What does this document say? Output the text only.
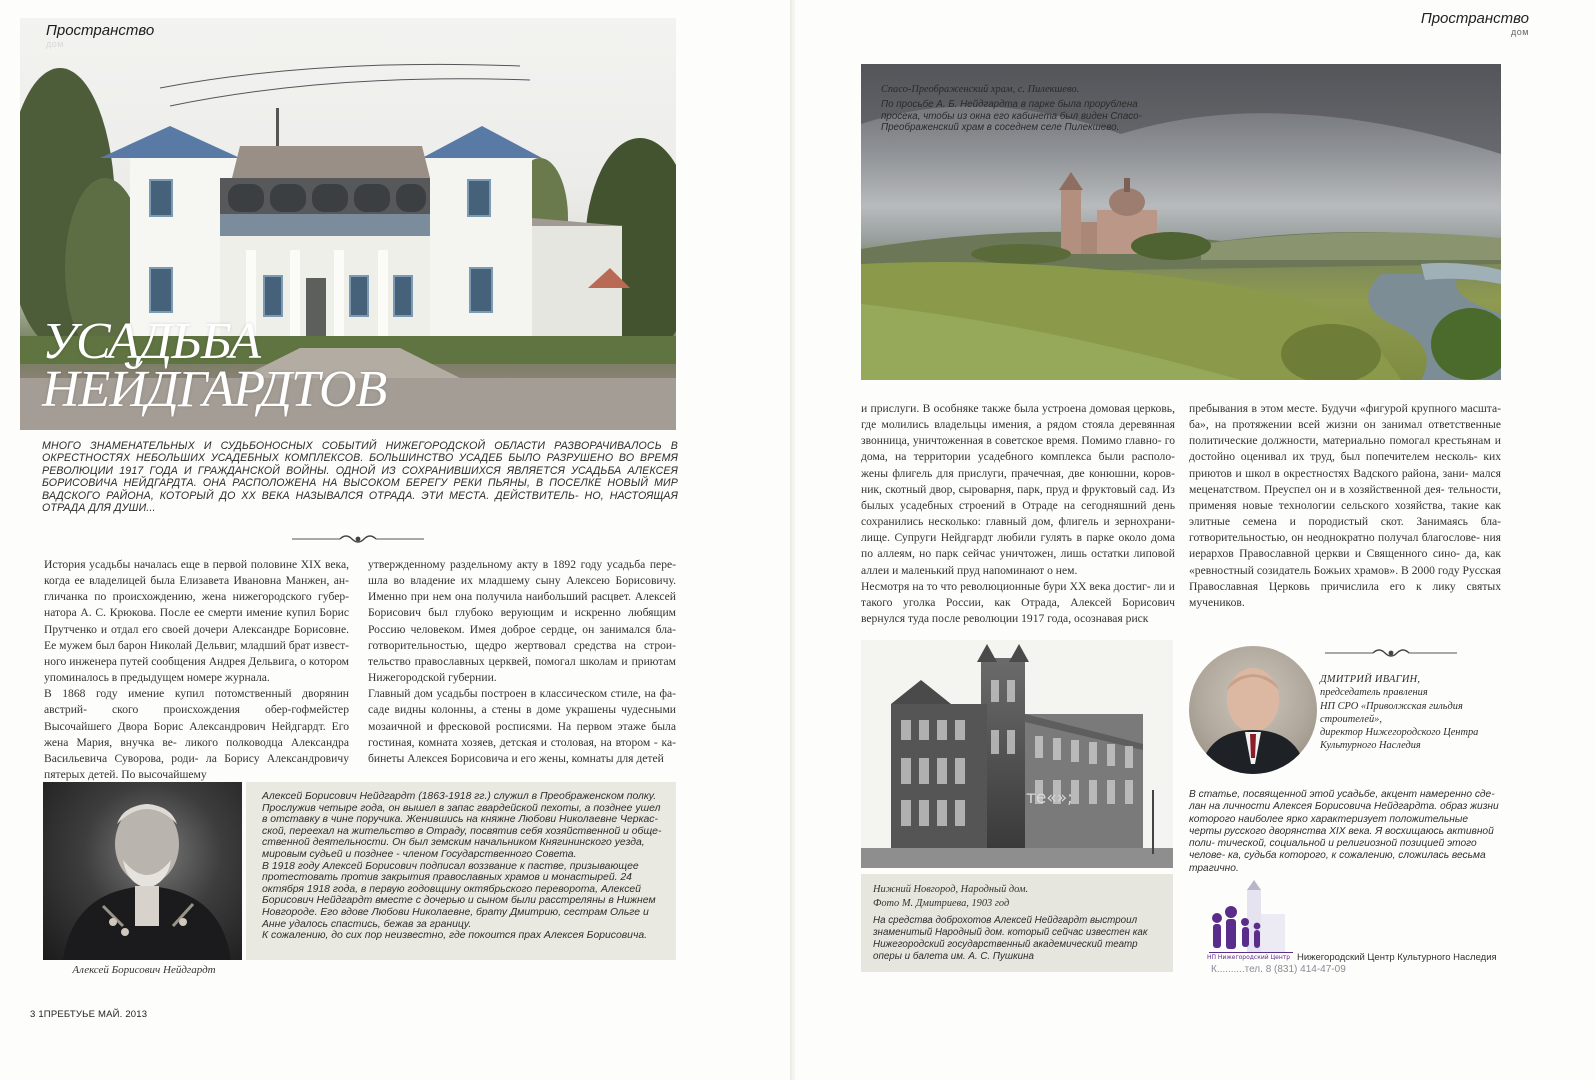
Пространство
дом
УСАДЬБА
НЕЙДГАРДТОВ

МНОГО ЗНАМЕНАТЕЛЬНЫХ И СУДЬБОНОСНЫХ СОБЫТИЙ НИЖЕГОРОДСКОЙ ОБЛАСТИ РАЗВОРАЧИВАЛОСЬ В ОКРЕСТНОСТЯХ НЕБОЛЬШИХ УСАДЕБНЫХ КОМПЛЕКСОВ. БОЛЬШИНСТВО УСАДЕБ БЫЛО РАЗРУШЕНО ВО ВРЕМЯ РЕВОЛЮЦИИ 1917 ГОДА И ГРАЖДАНСКОЙ ВОЙНЫ. ОДНОЙ ИЗ СОХРАНИВШИХСЯ ЯВЛЯЕТСЯ УСАДЬБА АЛЕКСЕЯ БОРИСОВИЧА НЕЙДГАРДТА. ОНА РАСПОЛОЖЕНА НА ВЫСОКОМ БЕРЕГУ РЕКИ ПЬЯНЫ, В ПОСЕЛКЕ НОВЫЙ МИР ВАДСКОГО РАЙОНА, КОТОРЫЙ ДО XX ВЕКА НАЗЫВАЛСЯ ОТРАДА. ЭТИ МЕСТА. ДЕЙСТВИТЕЛЬ- НО, НАСТОЯЩАЯ ОТРАДА ДЛЯ ДУШИ...

История усадьбы началась еще в первой половине XIX века, когда ее владелицей была Елизавета Ивановна Манжен, ан- гличанка по происхождению, жена нижегородского губер- натора А. С. Крюкова. После ее смерти имение купил Борис Прутченко и отдал его своей дочери Александре Борисовне. Ее мужем был барон Николай Дельвиг, младший брат извест- ного инженера путей сообщения Андрея Дельвига, о котором упоминалось в предыдущем номере журнала.

В 1868 году имение купил потомственный дворянин австрий- ского происхождения обер-гофмейстер Высочайшего Двора Борис Александрович Нейдгардт. Его жена Мария, внучка ве- ликого полководца Александра Васильевича Суворова, роди- ла Борису Александровичу пятерых детей. По высочайшему

утвержденному раздельному акту в 1892 году усадьба пере- шла во владение их младшему сыну Алексею Борисовичу. Именно при нем она получила наибольший расцвет. Алексей Борисович был глубоко верующим и искренно любящим Россию человеком. Имея доброе сердце, он занимался бла- готворительностью, щедро жертвовал средства на строи- тельство православных церквей, помогал школам и приютам Нижегородской губернии.

Главный дом усадьбы построен в классическом стиле, на фа- саде видны колонны, а стены в доме украшены чудесными мозаичной и фресковой росписями. На первом этаже была гостиная, комната хозяев, детская и столовая, на втором - ка- бинеты Алексея Борисовича и его жены, комнаты для детей

Алексей Борисович Нейдгардт

Алексей Борисович Нейдгардт (1863-1918 гг.) служил в Преображенском полку. Прослужив четыре года, он вышел в запас гвардейской пехоты, а позднее ушел в отставку в чине поручика. Женившись на княжне Любови Николаевне Черкас- ской, переехал на жительство в Отраду, посвятив себя хозяйственной и обще- ственной деятельности. Он был земским начальником Княгининского уезда, мировым судьей и позднее - членом Государственного Совета.

В 1918 году Алексей Борисович подписал воззвание к пастве, призывающее протестовать против закрытия православных храмов и монастырей. 24 октября 1918 года, в первую годовщину октябрьского переворота, Алексей Борисович Нейдгардт вместе с дочерью и сыном были расстреляны в Нижнем Новгороде. Его вдове Любови Николаевне, брату Дмитрию, сестрам Ольге и Анне удалось спастись, бежав за границу.

К сожалению, до сих пор неизвестно, где покоится прах Алексея Борисовича.

3 1ПРЕБТУЬЕ МАЙ. 2013
Пространство
дом
Спасо-Преображенский храм, с. Пилекшево.
По просьбе А. Б. Нейдгардта в парке была прорублена просека, чтобы из окна его кабинета был виден Спасо- Преображенский храм в соседнем селе Пилекшево.

и прислуги. В особняке также была устроена домовая церковь, где молились владельцы имения, а рядом стояла деревянная звонница, уничтоженная в советское время. Помимо главно- го дома, на территории усадебного комплекса были располо- жены флигель для прислуги, прачечная, две конюшни, коров- ник, скотный двор, сыроварня, парк, пруд и фруктовый сад. Из былых усадебных строений в Отраде на сегодняшний день сохранились несколько: главный дом, флигель и зернохрани- лище. Супруги Нейдгардт любили гулять в парке около дома по аллеям, но парк сейчас уничтожен, лишь остатки липовой аллеи и маленький пруд напоминают о нем.

Несмотря на то что революционные бури XX века достиг- ли и такого уголка России, как Отрада, Алексей Борисович вернулся туда после революции 1917 года, осознавая риск

пребывания в этом месте. Будучи «фигурой крупного масшта- ба», на протяжении всей жизни он занимал ответственные политические должности, материально помогал крестьянам и достойно оценивал их труд, был попечителем несколь- ких приютов и школ в окрестностях Вадского района, зани- мался меценатством. Преуспел он и в хозяйственной дея- тельности, применяя новые технологии сельского хозяйства, такие как элитные семена и породистый скот. Занимаясь бла- готворительностью, он неоднократно получал благослове- ния иерархов Православной церкви и Священного сино- да, как «ревностный созидатель Божьих храмов». В 2000 году Русская Православная Церковь причислила его к лику святых мучеников.

те«»;
Нижний Новгород, Народный дом.
Фото М. Дмитриева, 1903 год
На средства доброхотов Алексей Нейдгардт выстроил знаменитый Народный дом. который сейчас известен как Нижегородский государственный академический театр оперы и балета им. А. С. Пушкина
ДМИТРИЙ ИВАГИН,
председатель правления
НП СРО «Приволжская гильдия строителей»,
директор Нижегородского Центра Культурного Наследия

В статье, посвященной этой усадьбе, акцент намеренно сде- лан на личности Алексея Борисовича Нейдгардта. образ жизни которого наиболее ярко характеризует положительные черты русского дворянства XIX века. Я восхищаюсь активной поли- тической, социальной и религиозной позицией этого челове- ка, судьба которого, к сожалению, сложилась весьма трагично.

НП Нижегородский Центр Нижегородский Центр Культурного Наследия
К..........тел. 8 (831) 414-47-09
